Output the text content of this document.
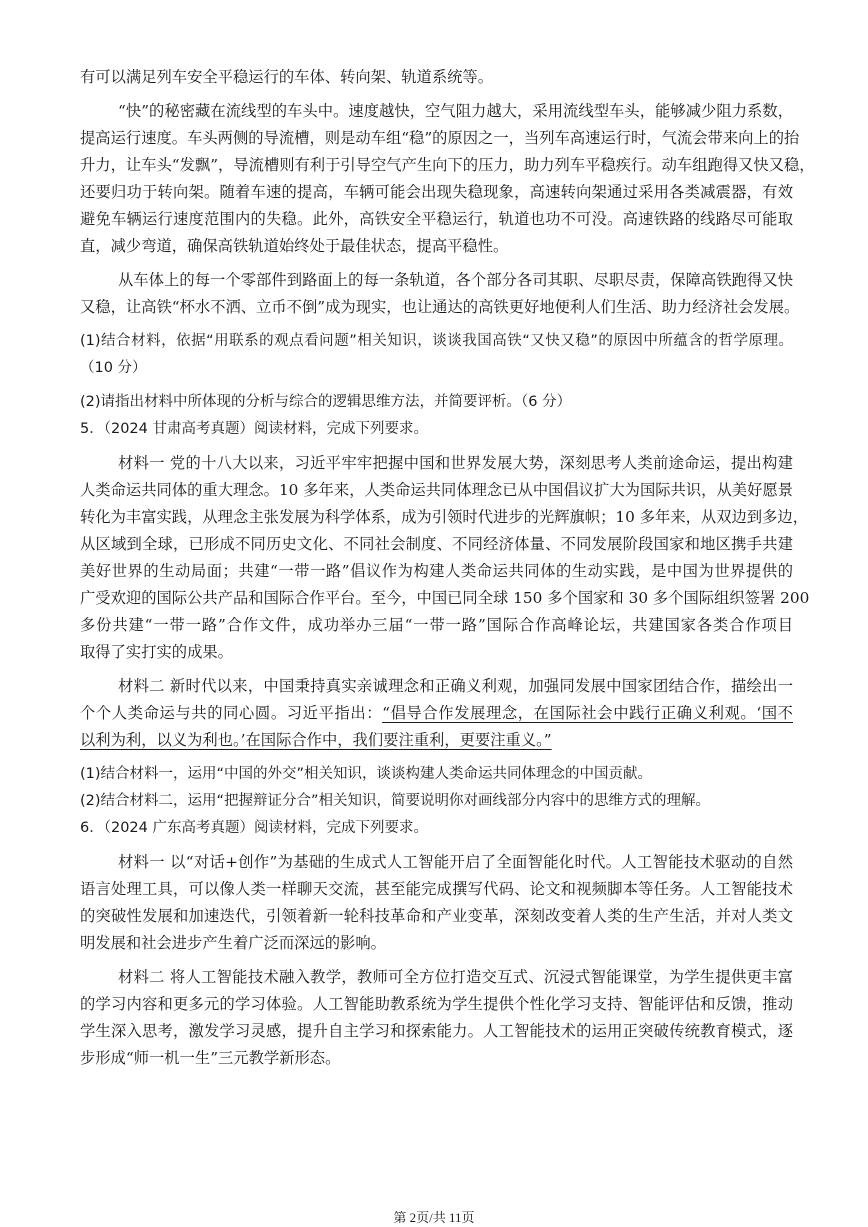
有可以满足列车安全平稳运行的车体、转向架、轨道系统等。
“快”的秘密藏在流线型的车头中。速度越快，空气阻力越大，采用流线型车头，能够减少阻力系数，
提高运行速度。车头两侧的导流槽，则是动车组“稳”的原因之一，当列车高速运行时，气流会带来向上的抬
升力，让车头“发飘”，导流槽则有利于引导空气产生向下的压力，助力列车平稳疾行。动车组跑得又快又稳，
还要归功于转向架。随着车速的提高，车辆可能会出现失稳现象，高速转向架通过采用各类减震器，有效
避免车辆运行速度范围内的失稳。此外，高铁安全平稳运行，轨道也功不可没。高速铁路的线路尽可能取
直，减少弯道，确保高铁轨道始终处于最佳状态，提高平稳性。
从车体上的每一个零部件到路面上的每一条轨道，各个部分各司其职、尽职尽责，保障高铁跑得又快
又稳，让高铁“杯水不洒、立币不倒”成为现实，也让通达的高铁更好地便利人们生活、助力经济社会发展。
(1)结合材料，依据“用联系的观点看问题”相关知识，谈谈我国高铁“又快又稳”的原因中所蕴含的哲学原理。
（10 分）
(2)请指出材料中所体现的分析与综合的逻辑思维方法，并简要评析。（6 分）
5．（2024 甘肃高考真题）阅读材料，完成下列要求。
材料一 党的十八大以来，习近平牢牢把握中国和世界发展大势，深刻思考人类前途命运，提出构建
人类命运共同体的重大理念。10 多年来，人类命运共同体理念已从中国倡议扩大为国际共识，从美好愿景
转化为丰富实践，从理念主张发展为科学体系，成为引领时代进步的光辉旗帜；10 多年来，从双边到多边，
从区域到全球，已形成不同历史文化、不同社会制度、不同经济体量、不同发展阶段国家和地区携手共建
美好世界的生动局面；共建“一带一路”倡议作为构建人类命运共同体的生动实践，是中国为世界提供的
广受欢迎的国际公共产品和国际合作平台。至今，中国已同全球 150 多个国家和 30 多个国际组织签署 200
多份共建“一带一路”合作文件，成功举办三届“一带一路”国际合作高峰论坛，共建国家各类合作项目
取得了实打实的成果。
材料二 新时代以来，中国秉持真实亲诚理念和正确义利观，加强同发展中国家团结合作，描绘出一
个个人类命运与共的同心圆。习近平指出：“倡导合作发展理念，在国际社会中践行正确义利观。‘国不
以利为利，以义为利也。’在国际合作中，我们要注重利，更要注重义。”
(1)结合材料一，运用“中国的外交”相关知识，谈谈构建人类命运共同体理念的中国贡献。
(2)结合材料二，运用“把握辩证分合”相关知识，简要说明你对画线部分内容中的思维方式的理解。
6．（2024 广东高考真题）阅读材料，完成下列要求。
材料一 以“对话+创作”为基础的生成式人工智能开启了全面智能化时代。人工智能技术驱动的自然
语言处理工具，可以像人类一样聊天交流，甚至能完成撰写代码、论文和视频脚本等任务。人工智能技术
的突破性发展和加速迭代，引领着新一轮科技革命和产业变革，深刻改变着人类的生产生活，并对人类文
明发展和社会进步产生着广泛而深远的影响。
材料二 将人工智能技术融入教学，教师可全方位打造交互式、沉浸式智能课堂，为学生提供更丰富
的学习内容和更多元的学习体验。人工智能助教系统为学生提供个性化学习支持、智能评估和反馈，推动
学生深入思考，激发学习灵感，提升自主学习和探索能力。人工智能技术的运用正突破传统教育模式，逐
步形成“师一机一生”三元教学新形态。
第 2页/共 11页
